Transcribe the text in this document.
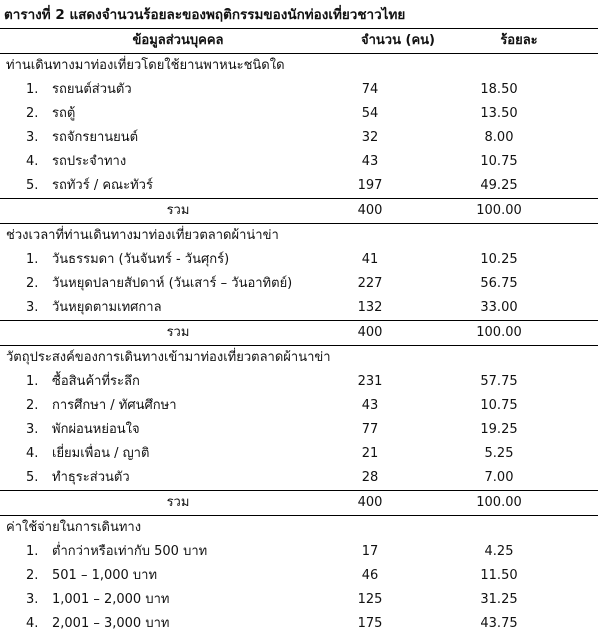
ตารางที่ 2 แสดงจำนวนร้อยละของพฤติกรรมของนักท่องเที่ยวชาวไทย
ข้อมูลส่วนบุคคล	จำนวน (คน)	ร้อยละ
ท่านเดินทางมาท่องเที่ยวโดยใช้ยานพาหนะชนิดใด		
1. รถยนต์ส่วนตัว	74	18.50
2. รถตู้	54	13.50
3. รถจักรยานยนต์	32	8.00
4. รถประจำทาง	43	10.75
5. รถทัวร์ / คณะทัวร์	197	49.25
รวม	400	100.00
ช่วงเวลาที่ท่านเดินทางมาท่องเที่ยวตลาดผ้าน่าข่า		
1. วันธรรมดา (วันจันทร์ - วันศุกร์)	41	10.25
2. วันหยุดปลายสัปดาห์ (วันเสาร์ – วันอาทิตย์)	227	56.75
3. วันหยุดตามเทศกาล	132	33.00
รวม	400	100.00
วัตถุประสงค์ของการเดินทางเข้ามาท่องเที่ยวตลาดผ้านาข่า		
1. ซื้อสินค้าที่ระลึก	231	57.75
2. การศึกษา / ทัศนศึกษา	43	10.75
3. พักผ่อนหย่อนใจ	77	19.25
4. เยี่ยมเพื่อน / ญาติ	21	5.25
5. ทำธุระส่วนตัว	28	7.00
รวม	400	100.00
ค่าใช้จ่ายในการเดินทาง		
1. ต่ำกว่าหรือเท่ากับ 500 บาท	17	4.25
2. 501 – 1,000 บาท	46	11.50
3. 1,001 – 2,000 บาท	125	31.25
4. 2,001 – 3,000 บาท	175	43.75
